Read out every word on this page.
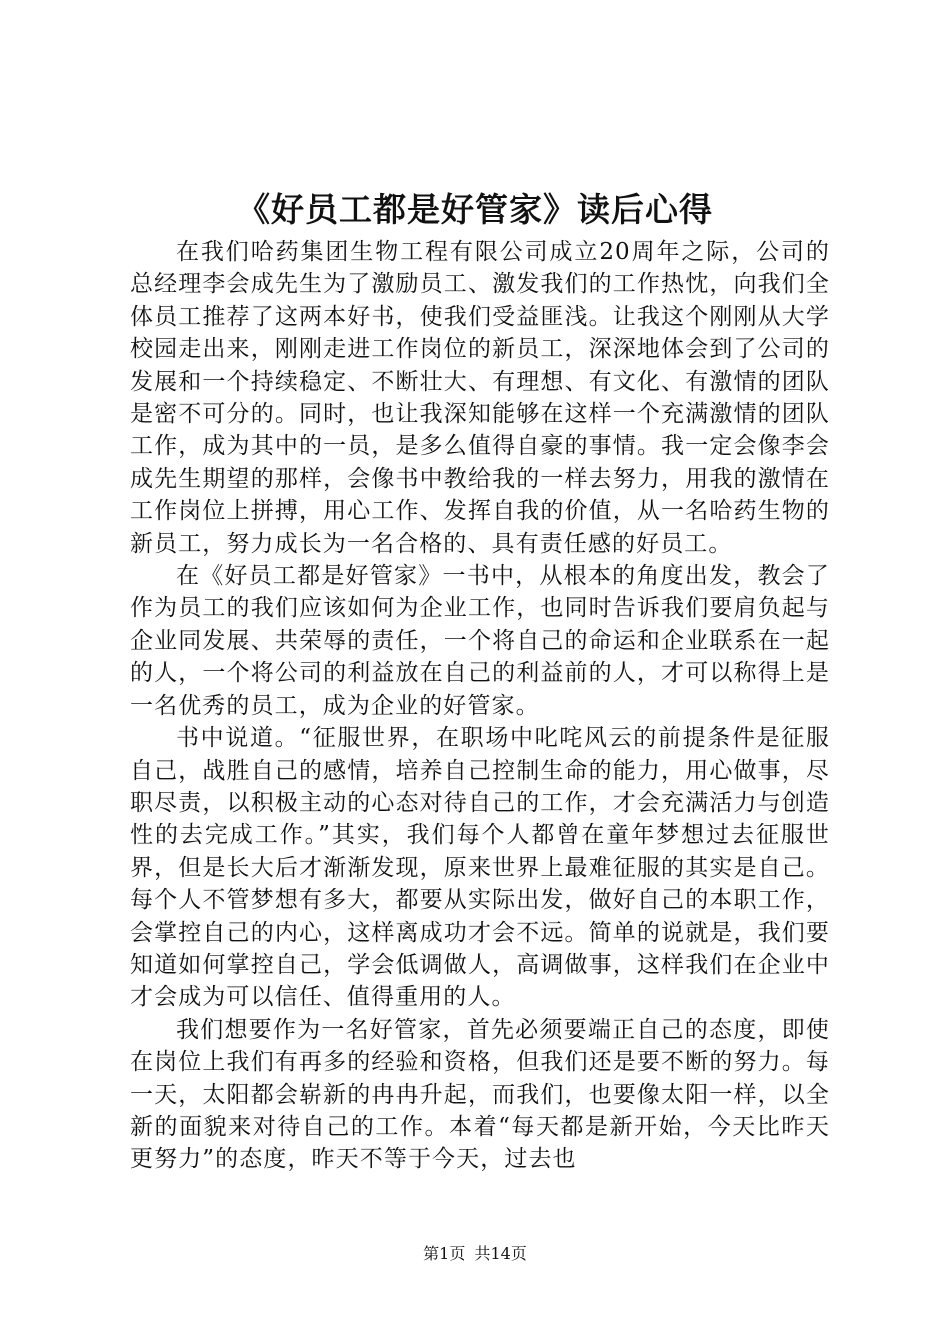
《好员工都是好管家》读后心得

在我们哈药集团生物工程有限公司成立20周年之际，公司的总经理李会成先生为了激励员工、激发我们的工作热忱，向我们全体员工推荐了这两本好书，使我们受益匪浅。让我这个刚刚从大学校园走出来，刚刚走进工作岗位的新员工，深深地体会到了公司的发展和一个持续稳定、不断壮大、有理想、有文化、有激情的团队是密不可分的。同时，也让我深知能够在这样一个充满激情的团队工作，成为其中的一员，是多么值得自豪的事情。我一定会像李会成先生期望的那样，会像书中教给我的一样去努力，用我的激情在工作岗位上拼搏，用心工作、发挥自我的价值，从一名哈药生物的新员工，努力成长为一名合格的、具有责任感的好员工。

在《好员工都是好管家》一书中，从根本的角度出发，教会了作为员工的我们应该如何为企业工作，也同时告诉我们要肩负起与企业同发展、共荣辱的责任，一个将自己的命运和企业联系在一起的人，一个将公司的利益放在自己的利益前的人，才可以称得上是一名优秀的员工，成为企业的好管家。

书中说道。“征服世界，在职场中叱咤风云的前提条件是征服自己，战胜自己的感情，培养自己控制生命的能力，用心做事，尽职尽责，以积极主动的心态对待自己的工作，才会充满活力与创造性的去完成工作。”其实，我们每个人都曾在童年梦想过去征服世界，但是长大后才渐渐发现，原来世界上最难征服的其实是自己。每个人不管梦想有多大，都要从实际出发，做好自己的本职工作，会掌控自己的内心，这样离成功才会不远。简单的说就是，我们要知道如何掌控自己，学会低调做人，高调做事，这样我们在企业中才会成为可以信任、值得重用的人。

我们想要作为一名好管家，首先必须要端正自己的态度，即使在岗位上我们有再多的经验和资格，但我们还是要不断的努力。每一天，太阳都会崭新的冉冉升起，而我们，也要像太阳一样，以全新的面貌来对待自己的工作。本着“每天都是新开始，今天比昨天更努力”的态度，昨天不等于今天，过去也

第1页 共14页
